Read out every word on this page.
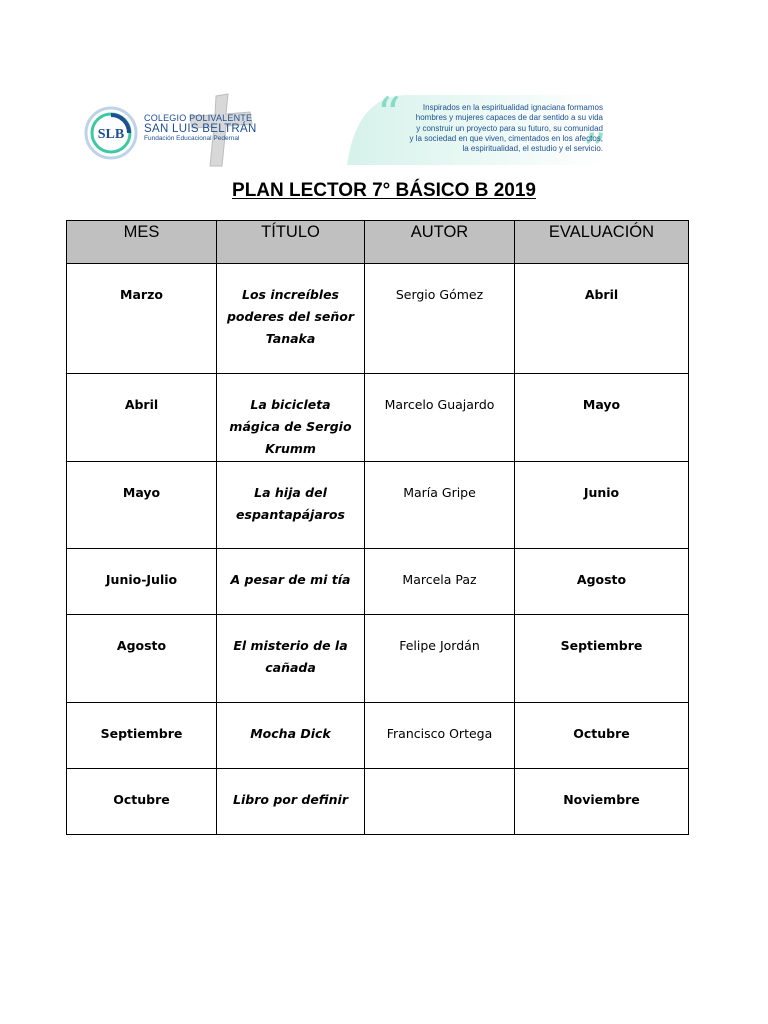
SLB
COLEGIO POLIVALENTE
SAN LUIS BELTRÁN
Fundación Educacional Pedernal	“
”
Inspirados en la espiritualidad ignaciana formamos
hombres y mujeres capaces de dar sentido a su vida
y construir un proyecto para su futuro, su comunidad
y la sociedad en que viven, cimentados en los afectos,
la espiritualidad, el estudio y el servicio.
PLAN LECTOR 7° BÁSICO B 2019
MES	TÍTULO	AUTOR	EVALUACIÓN
Marzo	Los increíbles poderes del señor Tanaka	Sergio Gómez	Abril
Abril	La bicicleta mágica de Sergio Krumm	Marcelo Guajardo	Mayo
Mayo	La hija del espantapájaros	María Gripe	Junio
Junio-Julio	A pesar de mi tía	Marcela Paz	Agosto
Agosto	El misterio de la cañada	Felipe Jordán	Septiembre
Septiembre	Mocha Dick	Francisco Ortega	Octubre
Octubre	Libro por definir		Noviembre
